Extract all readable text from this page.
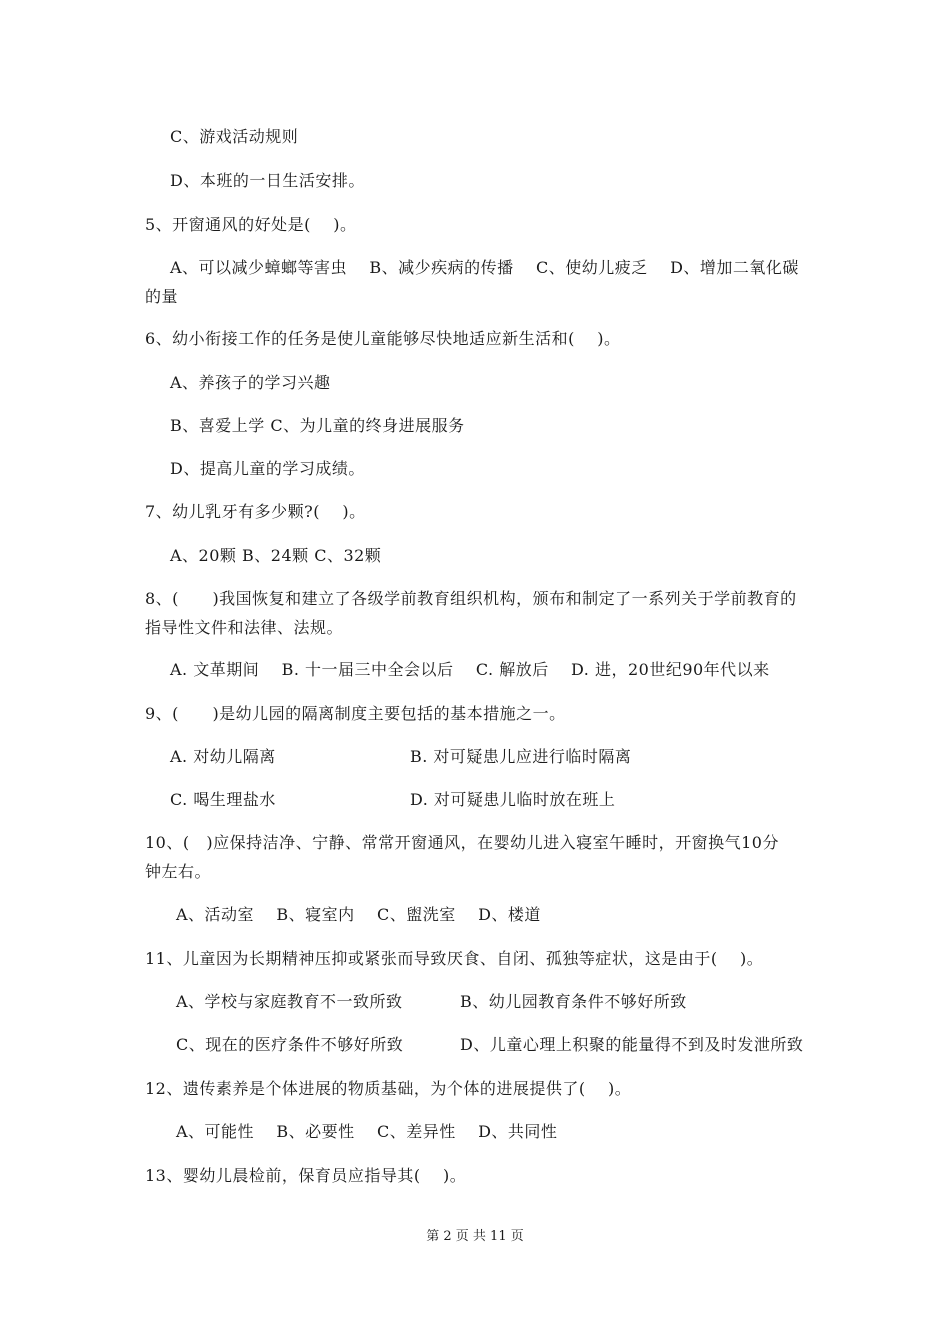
C、游戏活动规则
D、本班的一日生活安排。
5、开窗通风的好处是(    )。
A、可以减少蟑螂等害虫    B、减少疾病的传播    C、使幼儿疲乏    D、增加二氧化碳
的量
6、幼小衔接工作的任务是使儿童能够尽快地适应新生活和(    )。
A、养孩子的学习兴趣
B、喜爱上学 C、为儿童的终身进展服务
D、提高儿童的学习成绩。
7、幼儿乳牙有多少颗?(    )。
A、20颗 B、24颗 C、32颗
8、(      )我国恢复和建立了各级学前教育组织机构，颁布和制定了一系列关于学前教育的
指导性文件和法律、法规。
A. 文革期间    B. 十一届三中全会以后    C. 解放后    D. 进，20世纪90年代以来
9、(      )是幼儿园的隔离制度主要包括的基本措施之一。
A. 对幼儿隔离	B. 对可疑患儿应进行临时隔离
C. 喝生理盐水	D. 对可疑患儿临时放在班上
10、(   )应保持洁净、宁静、常常开窗通风，在婴幼儿进入寝室午睡时，开窗换气10分
钟左右。
A、活动室    B、寝室内    C、盥洗室    D、楼道
11、儿童因为长期精神压抑或紧张而导致厌食、自闭、孤独等症状，这是由于(    )。
A、学校与家庭教育不一致所致	B、幼儿园教育条件不够好所致
C、现在的医疗条件不够好所致	D、儿童心理上积聚的能量得不到及时发泄所致
12、遗传素养是个体进展的物质基础，为个体的进展提供了(    )。
A、可能性    B、必要性    C、差异性    D、共同性
13、婴幼儿晨检前，保育员应指导其(    )。
第 2 页 共 11 页
